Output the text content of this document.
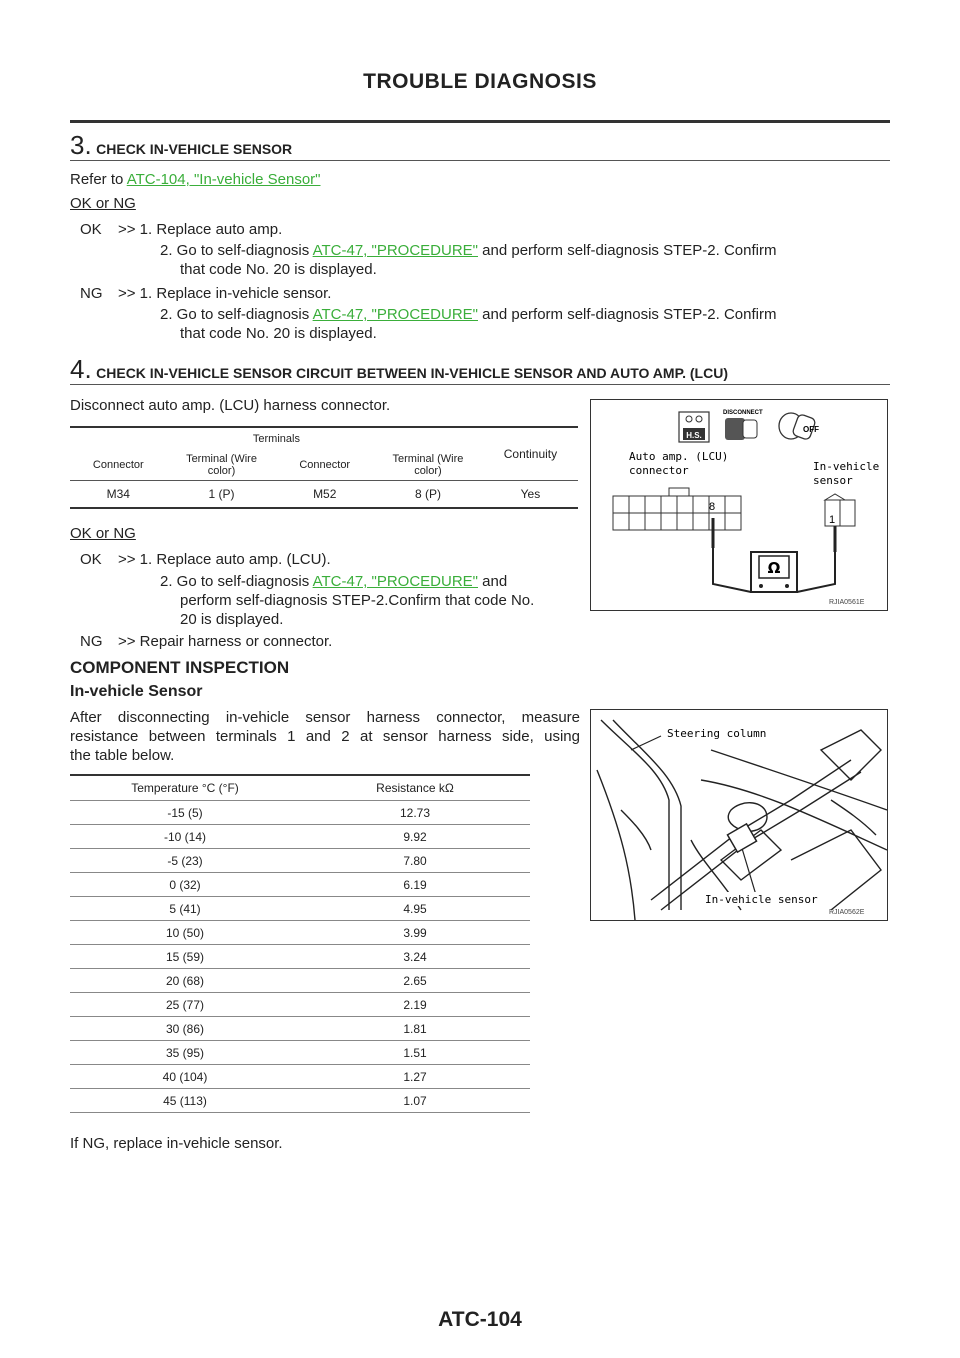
TROUBLE DIAGNOSIS
3. CHECK IN-VEHICLE SENSOR
Refer to ATC-104, "In-vehicle Sensor"
OK or NG
OK >> 1. Replace auto amp.
2. Go to self-diagnosis ATC-47, "PROCEDURE" and perform self-diagnosis STEP-2. Confirm
that code No. 20 is displayed.
NG >> 1. Replace in-vehicle sensor.
2. Go to self-diagnosis ATC-47, "PROCEDURE" and perform self-diagnosis STEP-2. Confirm
that code No. 20 is displayed.
4. CHECK IN-VEHICLE SENSOR CIRCUIT BETWEEN IN-VEHICLE SENSOR AND AUTO AMP. (LCU)
Disconnect auto amp. (LCU) harness connector.
Terminals				Continuity
Connector	Terminal (Wire color)	Connector	Terminal (Wire color)	
M34	1 (P)	M52	8 (P)	Yes
OK or NG
OK >> 1. Replace auto amp. (LCU).
2. Go to self-diagnosis ATC-47, "PROCEDURE" and
perform self-diagnosis STEP-2.Confirm that code No.
20 is displayed.
NG >> Repair harness or connector.
H.S.
DISCONNECT
OFF
Auto amp. (LCU)
connector	In-vehicle
sensor
8
1
Ω
RJIA0561E
COMPONENT INSPECTION
In-vehicle Sensor
After disconnecting in-vehicle sensor harness connector, measure
resistance between terminals 1 and 2 at sensor harness side, using
the table below.
Temperature °C (°F)	Resistance kΩ
-15 (5)	12.73
-10 (14)	9.92
-5 (23)	7.80
0 (32)	6.19
5 (41)	4.95
10 (50)	3.99
15 (59)	3.24
20 (68)	2.65
25 (77)	2.19
30 (86)	1.81
35 (95)	1.51
40 (104)	1.27
45 (113)	1.07
If NG, replace in-vehicle sensor.
Steering column
In-vehicle sensor
RJIA0562E
ATC-104
